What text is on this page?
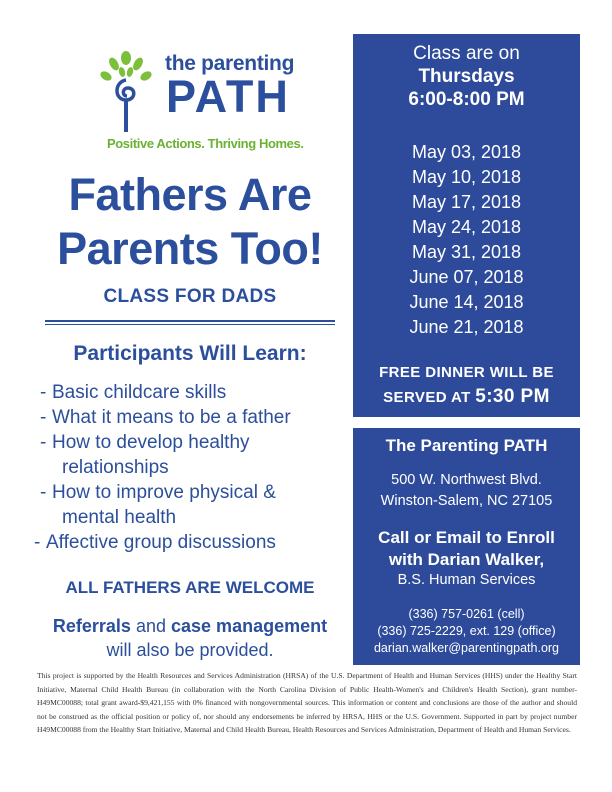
the parenting
PATH
Positive Actions. Thriving Homes.
Fathers Are
Parents Too!
CLASS FOR DADS
Participants Will Learn:
- Basic childcare skills
- What it means to be a father
- How to develop healthy
relationships
- How to improve physical &
mental health
- Affective group discussions
ALL FATHERS ARE WELCOME
Referrals and case management
will also be provided.
Class are on
Thursdays
6:00-8:00 PM
May 03, 2018
May 10, 2018
May 17, 2018
May 24, 2018
May 31, 2018
June 07, 2018
June 14, 2018
June 21, 2018
FREE DINNER WILL BE
SERVED AT 5:30 PM
The Parenting PATH
500 W. Northwest Blvd.
Winston-Salem, NC 27105
Call or Email to Enroll
with Darian Walker,
B.S. Human Services
(336) 757-0261 (cell)
(336) 725-2229, ext. 129 (office)
darian.walker@parentingpath.org
This project is supported by the Health Resources and Services Administration (HRSA) of the U.S. Department of Health and Human Services (HHS) under the Healthy Start Initiative, Maternal Child Health Bureau (in collaboration with the North Carolina Division of Public Health-Women's and Children's Health Section), grant number-H49MC00088; total grant award-$9,421,155 with 0% financed with nongovernmental sources. This information or content and conclusions are those of the author and should not be construed as the official position or policy of, nor should any endorsements be inferred by HRSA, HHS or the U.S. Government. Supported in part by project number H49MC00088 from the Healthy Start Initiative, Maternal and Child Health Bureau, Health Resources and Services Administration, Department of Health and Human Services.
